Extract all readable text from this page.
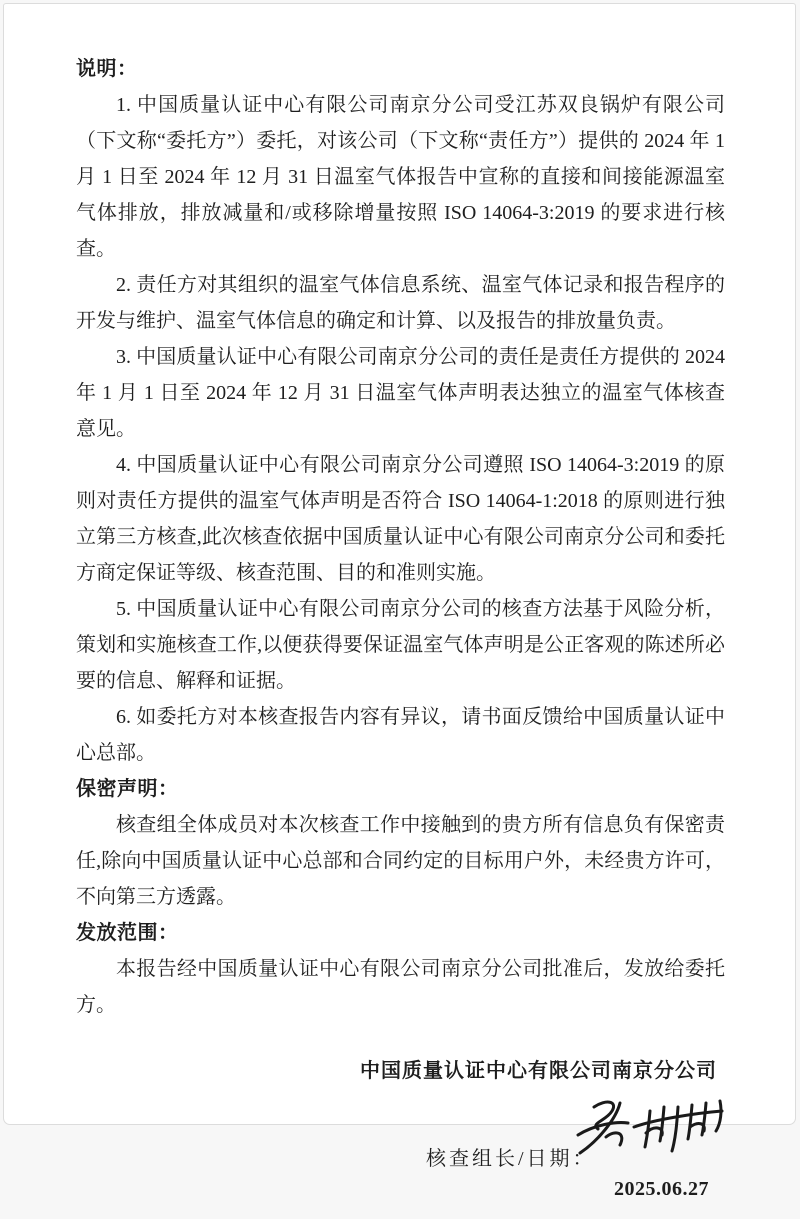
说明：

1. 中国质量认证中心有限公司南京分公司受江苏双良锅炉有限公司（下文称“委托方”）委托，对该公司（下文称“责任方”）提供的 2024 年 1 月 1 日至 2024 年 12 月 31 日温室气体报告中宣称的直接和间接能源温室气体排放，排放减量和/或移除增量按照 ISO 14064-3:2019 的要求进行核查。

2. 责任方对其组织的温室气体信息系统、温室气体记录和报告程序的开发与维护、温室气体信息的确定和计算、以及报告的排放量负责。

3. 中国质量认证中心有限公司南京分公司的责任是责任方提供的 2024 年 1 月 1 日至 2024 年 12 月 31 日温室气体声明表达独立的温室气体核查意见。

4. 中国质量认证中心有限公司南京分公司遵照 ISO 14064-3:2019 的原则对责任方提供的温室气体声明是否符合 ISO 14064-1:2018 的原则进行独立第三方核查,此次核查依据中国质量认证中心有限公司南京分公司和委托方商定保证等级、核查范围、目的和准则实施。

5. 中国质量认证中心有限公司南京分公司的核查方法基于风险分析，策划和实施核查工作,以便获得要保证温室气体声明是公正客观的陈述所必要的信息、解释和证据。

6. 如委托方对本核查报告内容有异议，请书面反馈给中国质量认证中心总部。

保密声明：

核查组全体成员对本次核查工作中接触到的贵方所有信息负有保密责任,除向中国质量认证中心总部和合同约定的目标用户外，未经贵方许可，不向第三方透露。

发放范围：

本报告经中国质量认证中心有限公司南京分公司批准后，发放给委托方。

中国质量认证中心有限公司南京分公司

核查组长/日期：
2025.06.27
